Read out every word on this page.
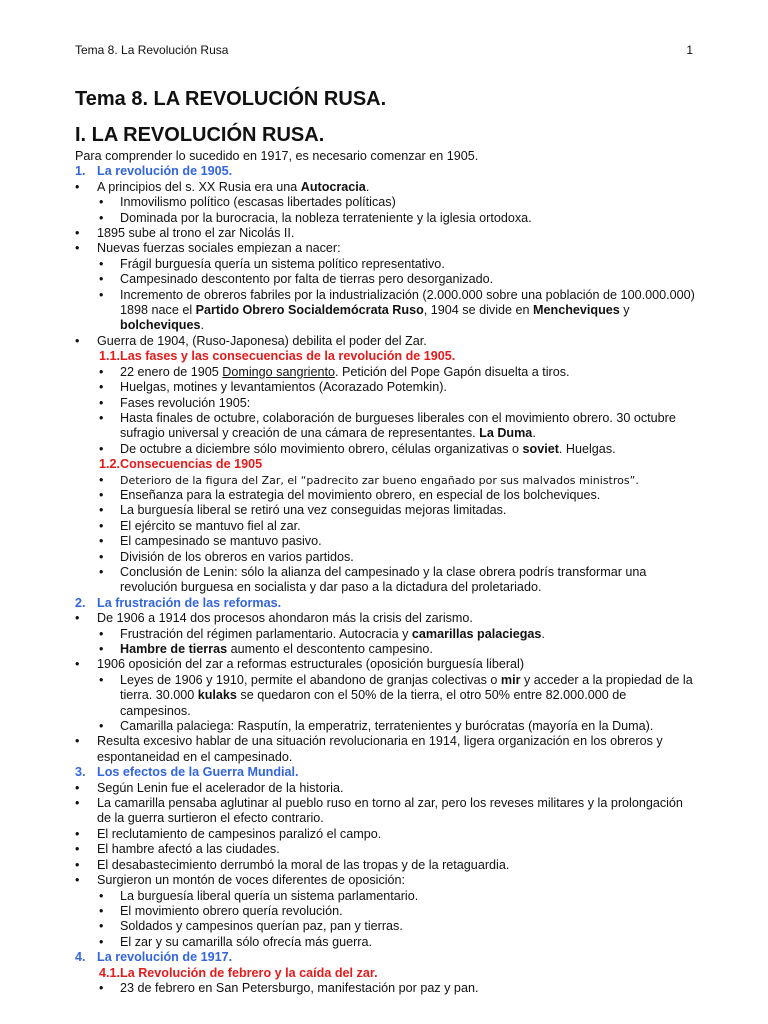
Tema 8. La Revolución Rusa	1
Tema 8. LA REVOLUCIÓN RUSA.
I. LA REVOLUCIÓN RUSA.
Para comprender lo sucedido en 1917, es necesario comenzar en 1905.
1. La revolución de 1905.
• A principios del s. XX Rusia era una Autocracia.
• Inmovilismo político (escasas libertades políticas)
• Dominada por la burocracia, la nobleza terrateniente y la iglesia ortodoxa.
• 1895 sube al trono el zar Nicolás II.
• Nuevas fuerzas sociales empiezan a nacer:
• Frágil burguesía quería un sistema político representativo.
• Campesinado descontento por falta de tierras pero desorganizado.
• Incremento de obreros fabriles por la industrialización (2.000.000 sobre una población de 100.000.000) 1898 nace el Partido Obrero Socialdemócrata Ruso, 1904 se divide en Mencheviques y bolcheviques.
• Guerra de 1904, (Ruso-Japonesa) debilita el poder del Zar.
1.1. Las fases y las consecuencias de la revolución de 1905.
• 22 enero de 1905 Domingo sangriento. Petición del Pope Gapón disuelta a tiros.
• Huelgas, motines y levantamientos (Acorazado Potemkin).
• Fases revolución 1905:
• Hasta finales de octubre, colaboración de burgueses liberales con el movimiento obrero. 30 octubre sufragio universal y creación de una cámara de representantes. La Duma.
• De octubre a diciembre sólo movimiento obrero, células organizativas o soviet. Huelgas.
1.2. Consecuencias de 1905
• Deterioro de la figura del Zar, el “padrecito zar bueno engañado por sus malvados ministros”.
• Enseñanza para la estrategia del movimiento obrero, en especial de los bolcheviques.
• La burguesía liberal se retiró una vez conseguidas mejoras limitadas.
• El ejército se mantuvo fiel al zar.
• El campesinado se mantuvo pasivo.
• División de los obreros en varios partidos.
• Conclusión de Lenin: sólo la alianza del campesinado y la clase obrera podrís transformar una revolución burguesa en socialista y dar paso a la dictadura del proletariado.
2. La frustración de las reformas.
• De 1906 a 1914 dos procesos ahondaron más la crisis del zarismo.
• Frustración del régimen parlamentario. Autocracia y camarillas palaciegas.
• Hambre de tierras aumento el descontento campesino.
• 1906 oposición del zar a reformas estructurales (oposición burguesía liberal)
• Leyes de 1906 y 1910, permite el abandono de granjas colectivas o mir y acceder a la propiedad de la tierra. 30.000 kulaks se quedaron con el 50% de la tierra, el otro 50% entre 82.000.000 de campesinos.
• Camarilla palaciega: Rasputín, la emperatriz, terratenientes y burócratas (mayoría en la Duma).
• Resulta excesivo hablar de una situación revolucionaria en 1914, ligera organización en los obreros y espontaneidad en el campesinado.
3. Los efectos de la Guerra Mundial.
• Según Lenin fue el acelerador de la historia.
• La camarilla pensaba aglutinar al pueblo ruso en torno al zar, pero los reveses militares y la prolongación de la guerra surtieron el efecto contrario.
• El reclutamiento de campesinos paralizó el campo.
• El hambre afectó a las ciudades.
• El desabastecimiento derrumbó la moral de las tropas y de la retaguardia.
• Surgieron un montón de voces diferentes de oposición:
• La burguesía liberal quería un sistema parlamentario.
• El movimiento obrero quería revolución.
• Soldados y campesinos querían paz, pan y tierras.
• El zar y su camarilla sólo ofrecía más guerra.
4. La revolución de 1917.
4.1. La Revolución de febrero y la caída del zar.
• 23 de febrero en San Petersburgo, manifestación por paz y pan.
